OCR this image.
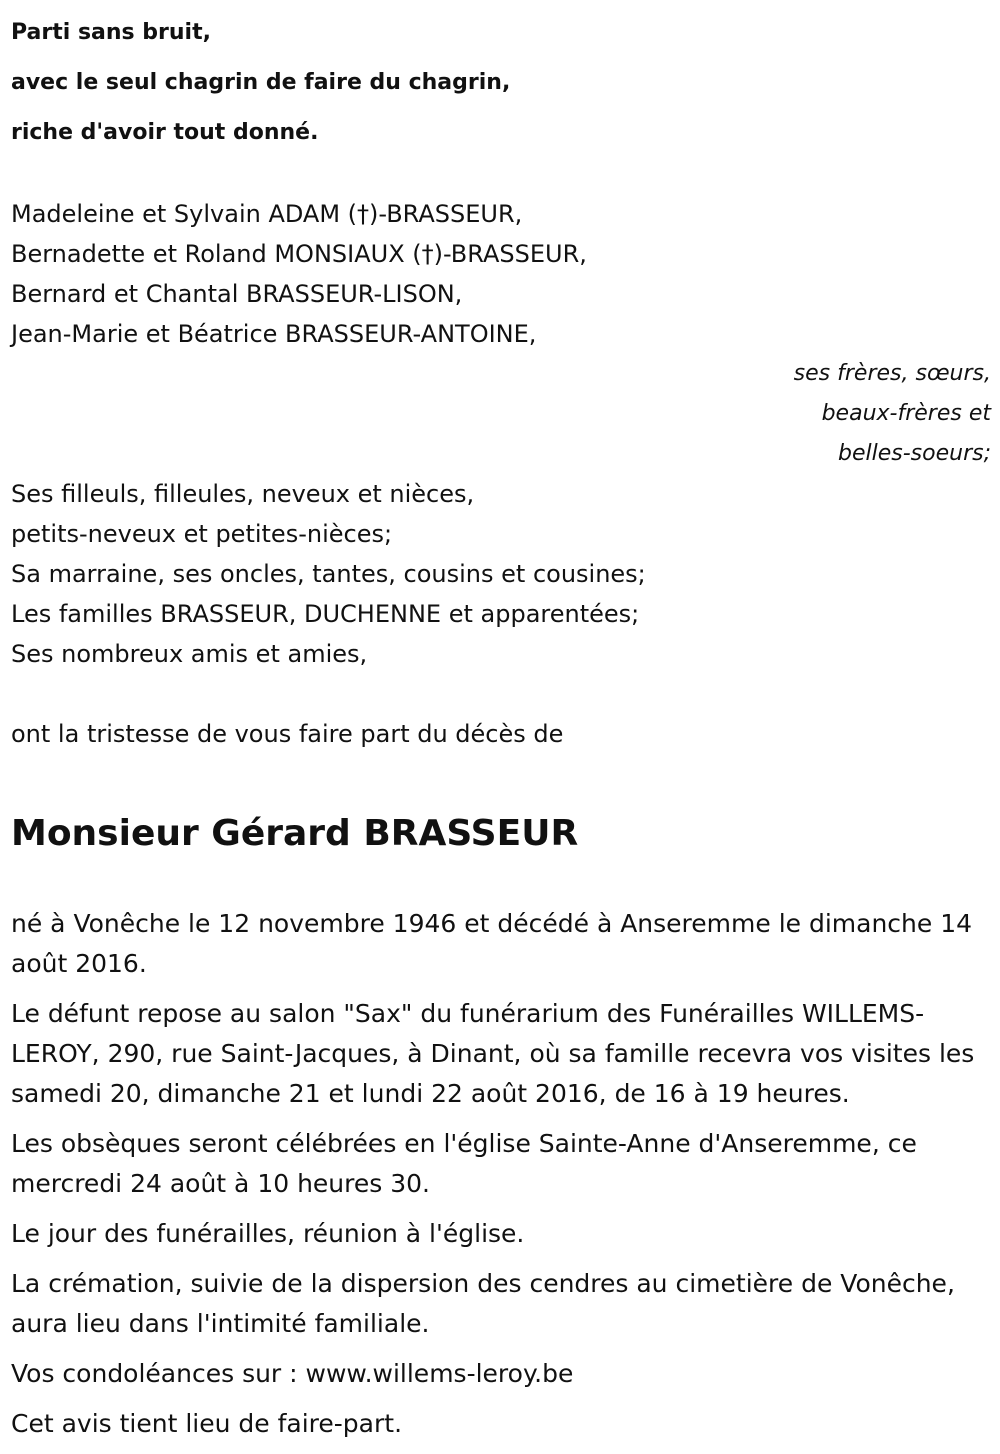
Parti sans bruit,
avec le seul chagrin de faire du chagrin,
riche d'avoir tout donné.
Madeleine et Sylvain ADAM (†)-BRASSEUR,
Bernadette et Roland MONSIAUX (†)-BRASSEUR,
Bernard et Chantal BRASSEUR-LISON,
Jean-Marie et Béatrice BRASSEUR-ANTOINE,
ses frères, sœurs,
beaux-frères et
belles-soeurs;
Ses filleuls, filleules, neveux et nièces,
petits-neveux et petites-nièces;
Sa marraine, ses oncles, tantes, cousins et cousines;
Les familles BRASSEUR, DUCHENNE et apparentées;
Ses nombreux amis et amies,
ont la tristesse de vous faire part du décès de
Monsieur Gérard BRASSEUR

né à Vonêche le 12 novembre 1946 et décédé à Anseremme le dimanche 14 août 2016.

Le défunt repose au salon "Sax" du funérarium des Funérailles WILLEMS-LEROY, 290, rue Saint-Jacques, à Dinant, où sa famille recevra vos visites les samedi 20, dimanche 21 et lundi 22 août 2016, de 16 à 19 heures.

Les obsèques seront célébrées en l'église Sainte-Anne d'Anseremme, ce mercredi 24 août à 10 heures 30.

Le jour des funérailles, réunion à l'église.

La crémation, suivie de la dispersion des cendres au cimetière de Vonêche, aura lieu dans l'intimité familiale.

Vos condoléances sur : www.willems-leroy.be

Cet avis tient lieu de faire-part.
